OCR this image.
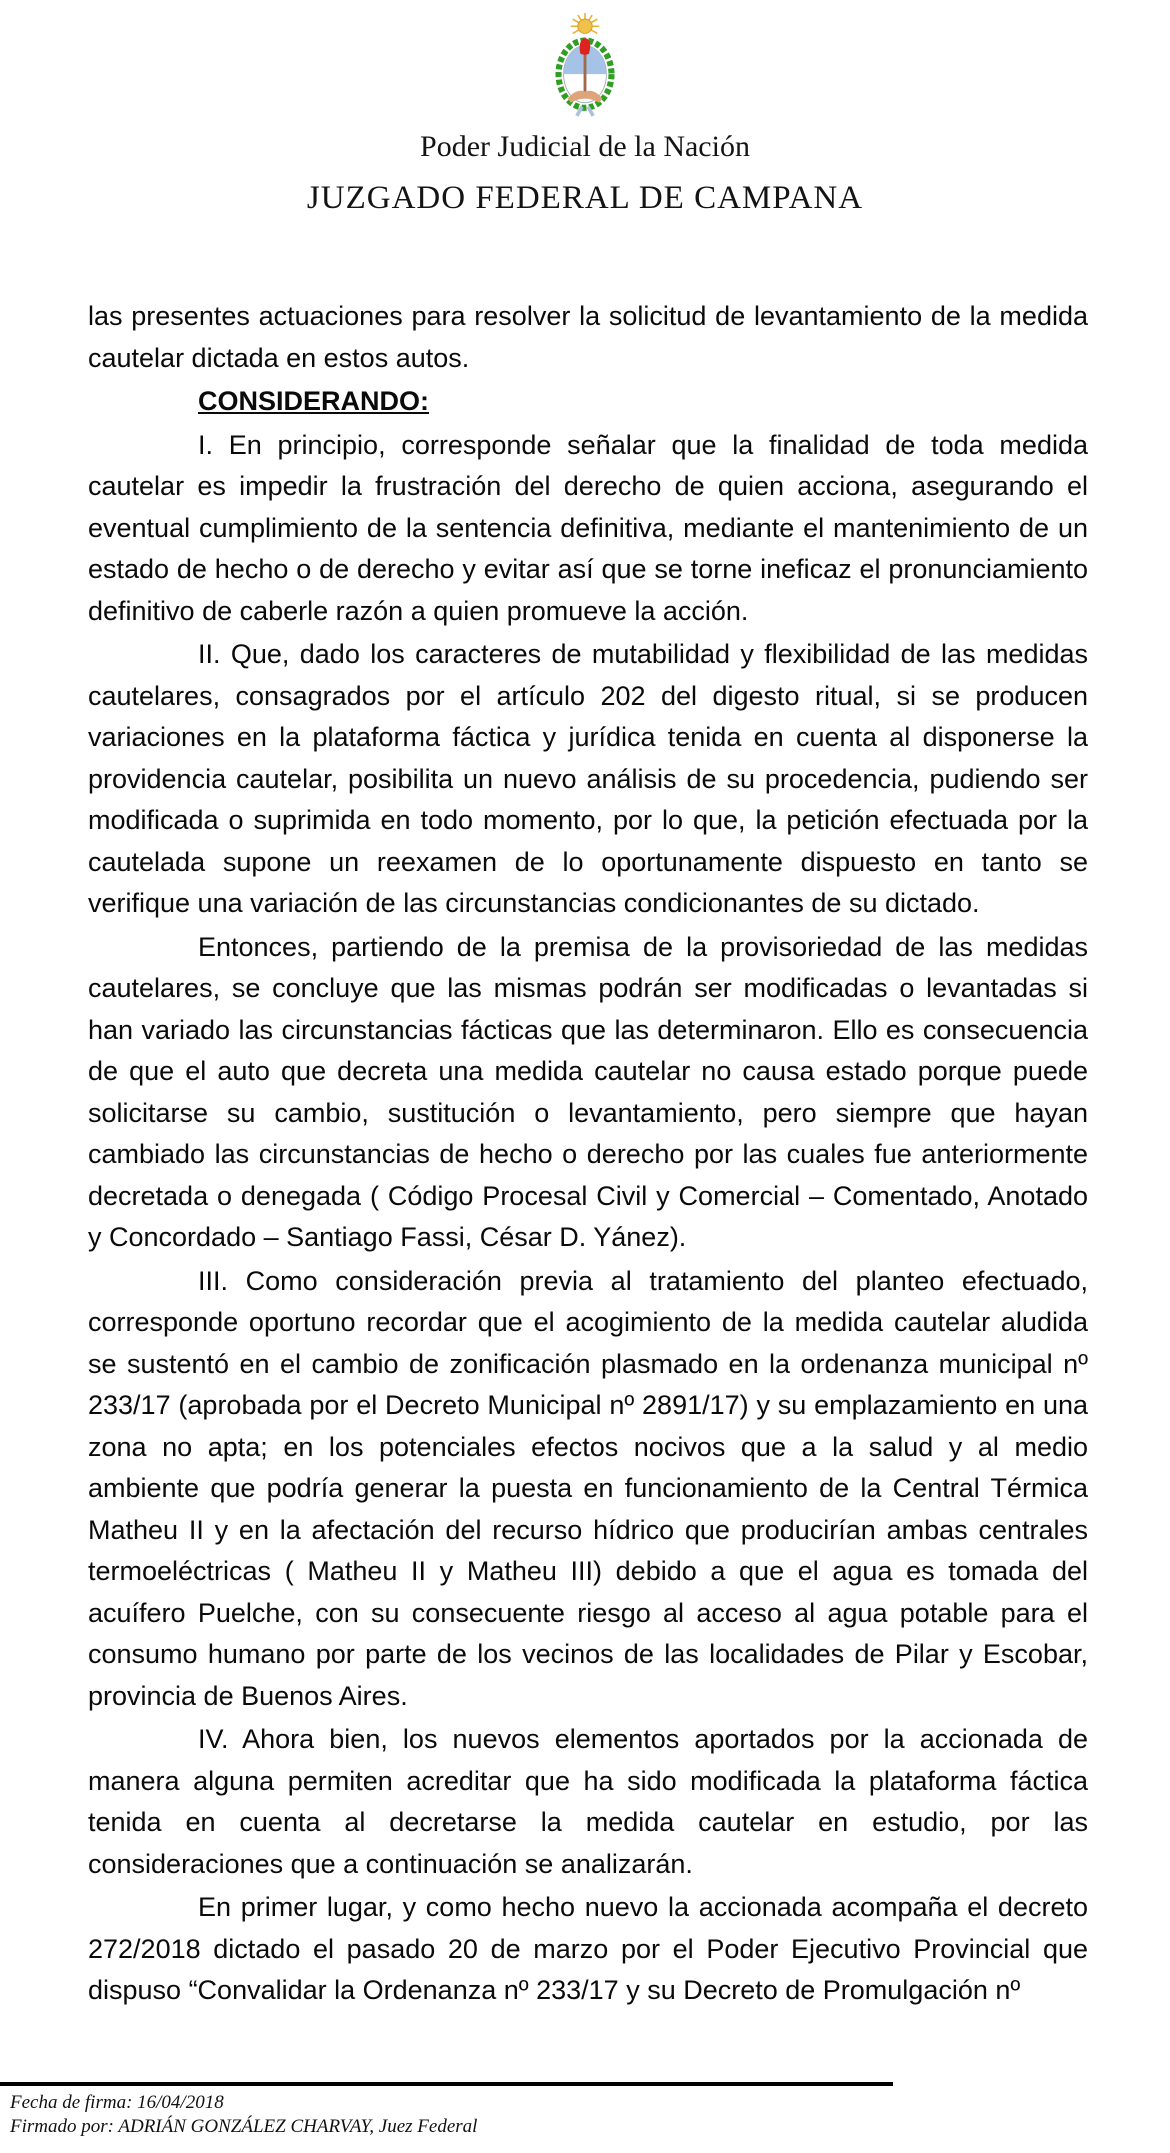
Poder Judicial de la Nación
JUZGADO FEDERAL DE CAMPANA

las presentes actuaciones para resolver la solicitud de levantamiento de la medida cautelar dictada en estos autos.

CONSIDERANDO:

I. En principio, corresponde señalar que la finalidad de toda medida cautelar es impedir la frustración del derecho de quien acciona, asegurando el eventual cumplimiento de la sentencia definitiva, mediante el mantenimiento de un estado de hecho o de derecho y evitar así que se torne ineficaz el pronunciamiento definitivo de caberle razón a quien promueve la acción.

II. Que, dado los caracteres de mutabilidad y flexibilidad de las medidas cautelares, consagrados por el artículo 202 del digesto ritual, si se producen variaciones en la plataforma fáctica y jurídica tenida en cuenta al disponerse la providencia cautelar, posibilita un nuevo análisis de su procedencia, pudiendo ser modificada o suprimida en todo momento, por lo que, la petición efectuada por la cautelada supone un reexamen de lo oportunamente dispuesto en tanto se verifique una variación de las circunstancias condicionantes de su dictado.

Entonces, partiendo de la premisa de la provisoriedad de las medidas cautelares, se concluye que las mismas podrán ser modificadas o levantadas si han variado las circunstancias fácticas que las determinaron. Ello es consecuencia de que el auto que decreta una medida cautelar no causa estado porque puede solicitarse su cambio, sustitución o levantamiento, pero siempre que hayan cambiado las circunstancias de hecho o derecho por las cuales fue anteriormente decretada o denegada ( Código Procesal Civil y Comercial – Comentado, Anotado y Concordado – Santiago Fassi, César D. Yánez).

III. Como consideración previa al tratamiento del planteo efectuado, corresponde oportuno recordar que el acogimiento de la medida cautelar aludida se sustentó en el cambio de zonificación plasmado en la ordenanza municipal nº 233/17 (aprobada por el Decreto Municipal nº 2891/17) y su emplazamiento en una zona no apta; en los potenciales efectos nocivos que a la salud y al medio ambiente que podría generar la puesta en funcionamiento de la Central Térmica Matheu II y en la afectación del recurso hídrico que producirían ambas centrales termoeléctricas ( Matheu II y Matheu III) debido a que el agua es tomada del acuífero Puelche, con su consecuente riesgo al acceso al agua potable para el consumo humano por parte de los vecinos de las localidades de Pilar y Escobar, provincia de Buenos Aires.

IV. Ahora bien, los nuevos elementos aportados por la accionada de manera alguna permiten acreditar que ha sido modificada la plataforma fáctica tenida en cuenta al decretarse la medida cautelar en estudio, por las consideraciones que a continuación se analizarán.

En primer lugar, y como hecho nuevo la accionada acompaña el decreto 272/2018 dictado el pasado 20 de marzo por el Poder Ejecutivo Provincial que dispuso “Convalidar la Ordenanza nº 233/17 y su Decreto de Promulgación nº

Fecha de firma: 16/04/2018
Firmado por: ADRIÁN GONZÁLEZ CHARVAY, Juez Federal
